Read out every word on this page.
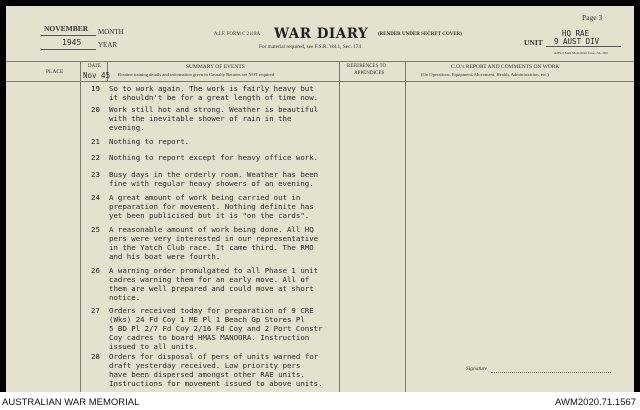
NOVEMBER MONTH
1945 YEAR
A.I.F. FORM C 2118A WAR DIARY (RENDER UNDER SECRET COVER)
For material required, see F.S.R. Vol.1, Sec. 174
Page 3
HQ RAE
UNIT 9 AUST DIV
AHS-1 Sum Melb Print Line--34--500
PLACE
DATE
Nov 45
SUMMARY OF EVENTS
Routine training details and information given in Casualty Returns are NOT required
REFERENCES TO
APPENDICES
C.O.'s REPORT AND COMMENTS ON WORK
(On Operations, Equipment, Movement, Health, Administration, etc.)
19	So to work again. The work is fairly heavy but
it shouldn't be for a great length of time now.
20	Work still hot and strong. Weather is beautiful
with the inevitable shower of rain in the
evening.
21	Nothing to report.
22	Nothing to report except for heavy office work.
23	Busy days in the orderly room. Weather has been
fine with regular heavy showers of an evening.
24	A great amount of work being carried out in
preparation for movement. Nothing definite has
yet been publicised but it is "on the cards".
25	A reasonable amount of work being done. All HQ
pers were very interested in our representative
in the Yatch Club race. It came third. The RMO
and his boat were fourth.
26	A warning order promulgated to all Phase 1 unit
cadres warning them for an early move. All of
them are well prepared and could move at short
notice.
27	Orders received today for preparation of 9 CRE
(Wks) 24 Fd Coy 1 ME Pl 1 Beach Gp Stores Pl
5 BD Pl 2/7 Fd Coy 2/16 Fd Coy and 2 Port Constr
Coy cadres to board HMAS MANOORA. Instruction
issued to all units.
28	Orders for disposal of pers of units warned for
draft yesterday received. Low priority pers
have been dispersed amongst other RAE units.
Instructions for movement issued to above units.
Signature
AUSTRALIAN WAR MEMORIAL	AWM2020.71.1567
